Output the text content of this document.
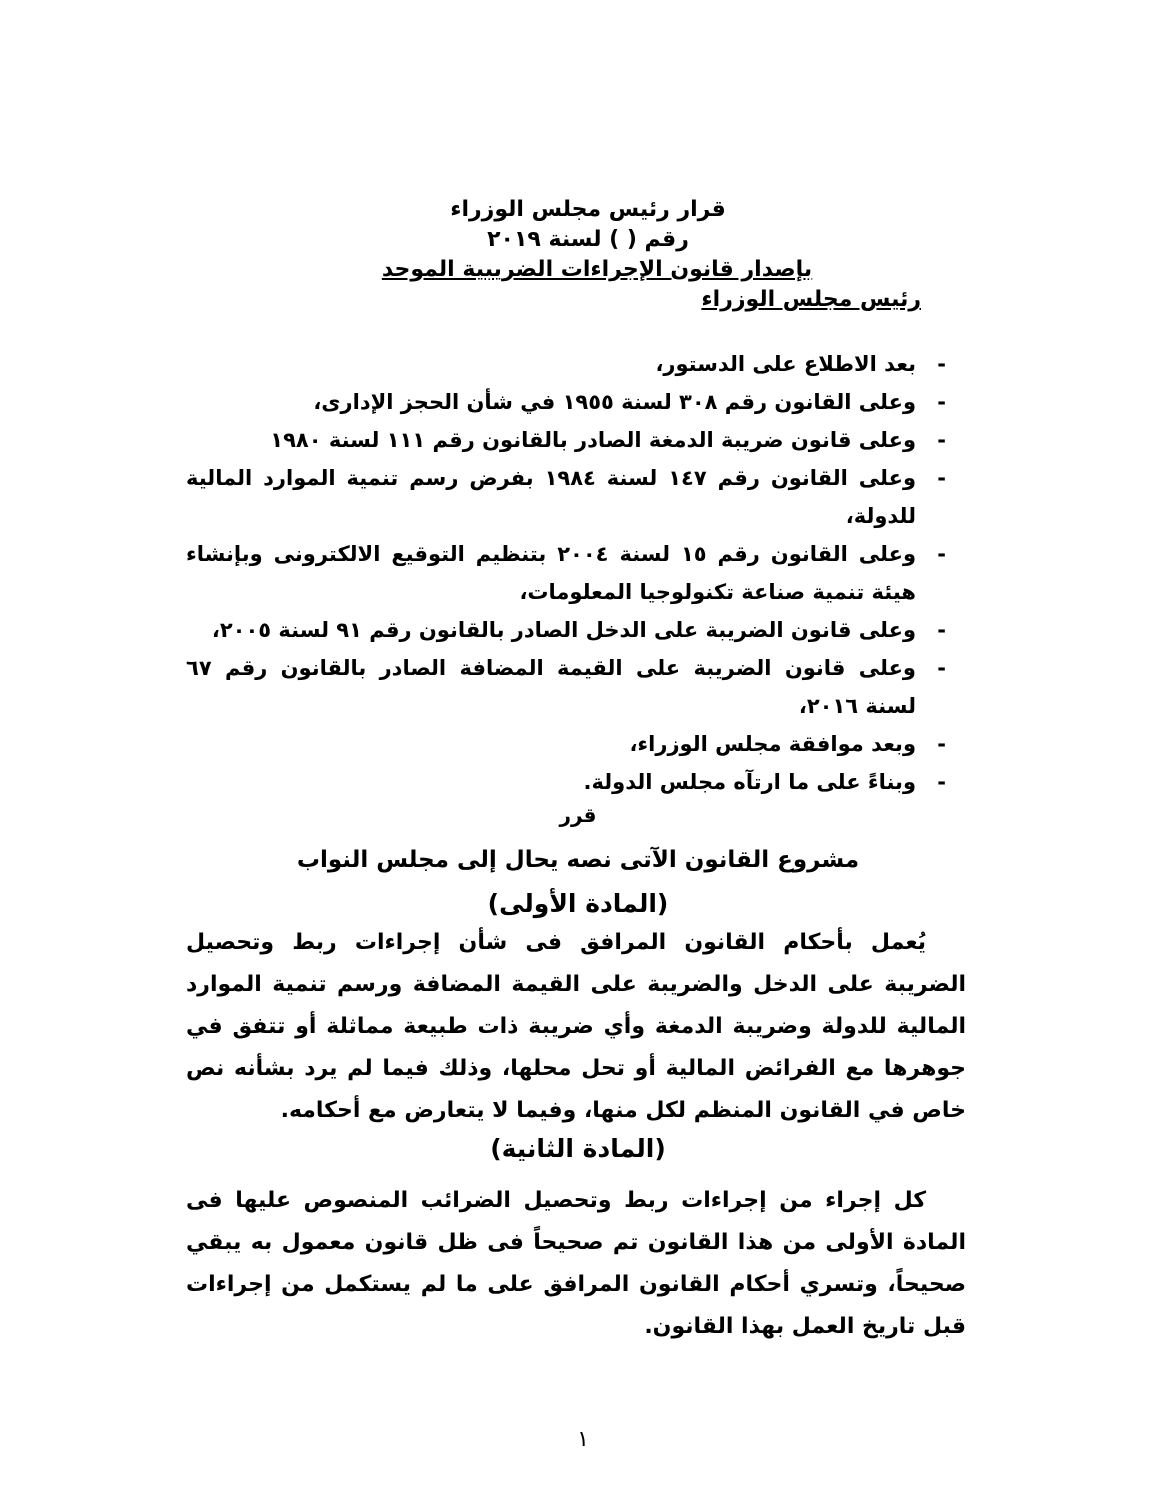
قرار رئيس مجلس الوزراء
رقم ( ) لسنة ٢٠١٩
بإصدار قانون الإجراءات الضريبية الموحد
رئيس مجلس الوزراء
-
بعد الاطلاع على الدستور،
-
وعلى القانون رقم ٣٠٨ لسنة ١٩٥٥ في شأن الحجز الإدارى،
-
وعلى قانون ضريبة الدمغة الصادر بالقانون رقم ١١١ لسنة ١٩٨٠
-
وعلى القانون رقم ١٤٧ لسنة ١٩٨٤ بفرض رسم تنمية الموارد المالية للدولة،
-
وعلى القانون رقم ١٥ لسنة ٢٠٠٤ بتنظيم التوقيع الالكترونى وبإنشاء هيئة تنمية صناعة تكنولوجيا المعلومات،
-
وعلى قانون الضريبة على الدخل الصادر بالقانون رقم ٩١ لسنة ٢٠٠٥،
-
وعلى قانون الضريبة على القيمة المضافة الصادر بالقانون رقم ٦٧ لسنة ٢٠١٦،
-
وبعد موافقة مجلس الوزراء،
-
وبناءً على ما ارتآه مجلس الدولة.
قرر
مشروع القانون الآتى نصه يحال إلى مجلس النواب
(المادة الأولى)
يُعمل بأحكام القانون المرافق فى شأن إجراءات ربط وتحصيل الضريبة على الدخل والضريبة على القيمة المضافة ورسم تنمية الموارد المالية للدولة وضريبة الدمغة وأي ضريبة ذات طبيعة مماثلة أو تتفق في جوهرها مع الفرائض المالية أو تحل محلها، وذلك فيما لم يرد بشأنه نص خاص في القانون المنظم لكل منها، وفيما لا يتعارض مع أحكامه.
(المادة الثانية)
كل إجراء من إجراءات ربط وتحصيل الضرائب المنصوص عليها فى المادة الأولى من هذا القانون تم صحيحاً فى ظل قانون معمول به يبقي صحيحاً، وتسري أحكام القانون المرافق على ما لم يستكمل من إجراءات قبل تاريخ العمل بهذا القانون.
١
